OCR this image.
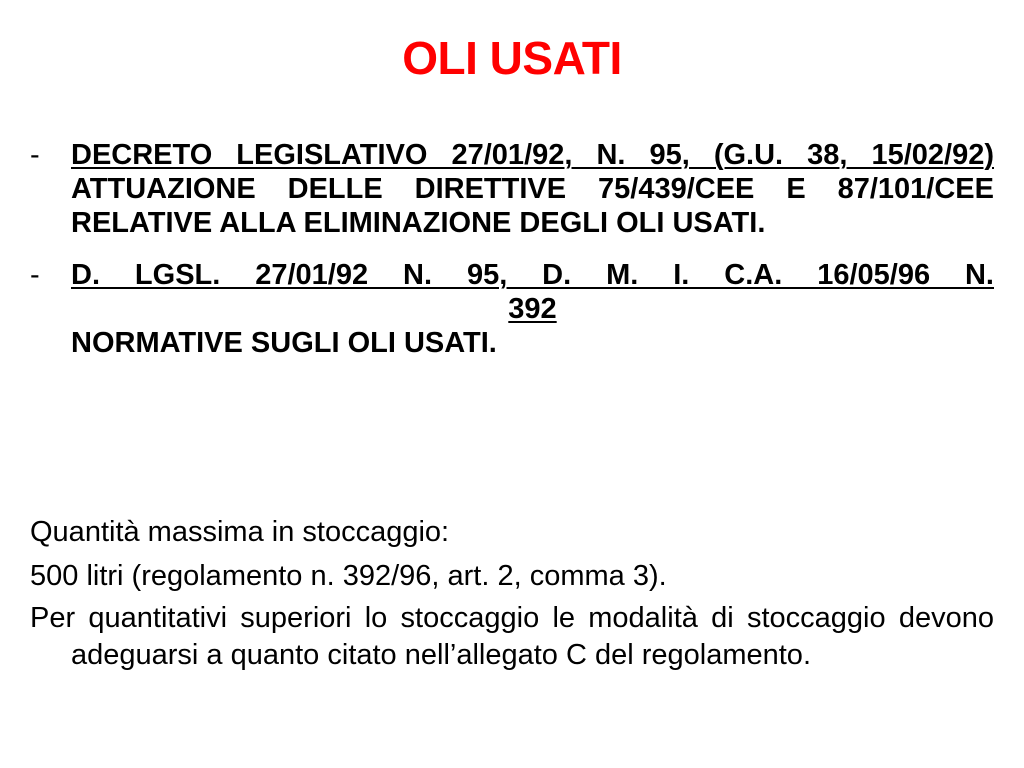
OLI USATI
- DECRETO LEGISLATIVO 27/01/92, N. 95, (G.U. 38, 15/02/92) ATTUAZIONE DELLE DIRETTIVE 75/439/CEE E 87/101/CEE RELATIVE ALLA ELIMINAZIONE DEGLI OLI USATI.
- D. LGSL. 27/01/92 N. 95, D. M. I. C.A. 16/05/96 N.
392
NORMATIVE SUGLI OLI USATI.
Quantità massima in stoccaggio:
500 litri (regolamento n. 392/96, art. 2, comma 3).
Per quantitativi superiori lo stoccaggio le modalità di stoccaggio devono adeguarsi a quanto citato nell’allegato C del regolamento.
